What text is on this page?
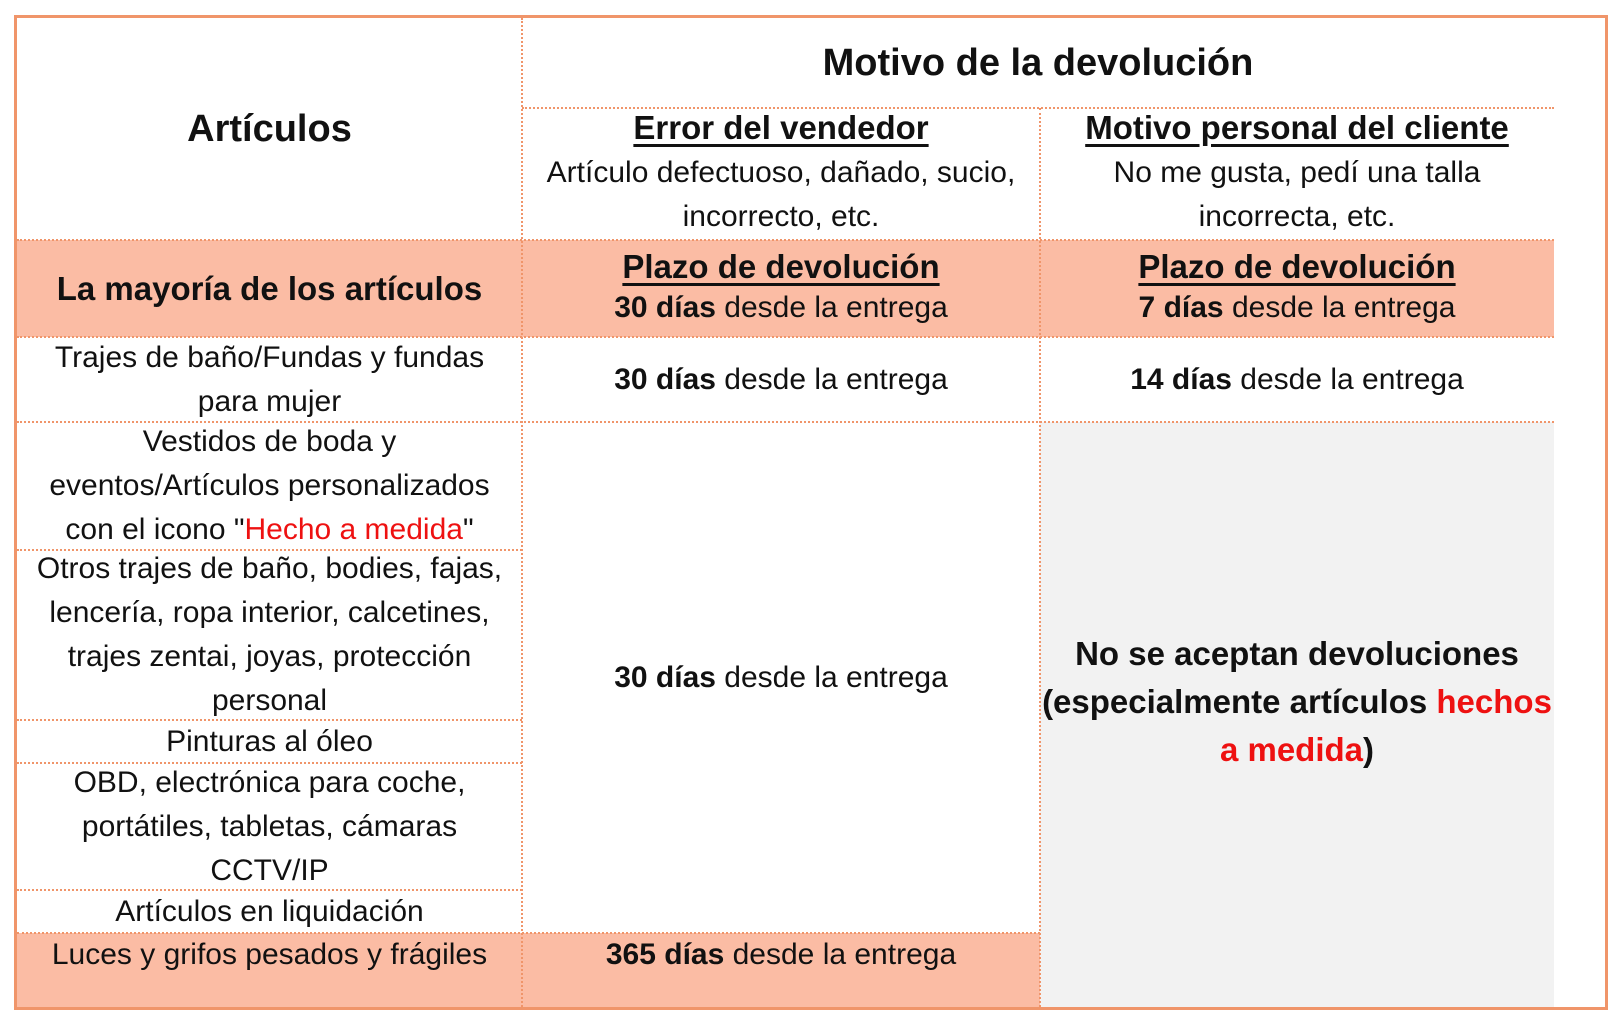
Artículos
Motivo de la devolución
Error del vendedor
Artículo defectuoso, dañado, sucio, incorrecto, etc.
Motivo personal del cliente
No me gusta, pedí una talla incorrecta, etc.
La mayoría de los artículos
Plazo de devolución
30 días desde la entrega
Plazo de devolución
7 días desde la entrega
Trajes de baño/Fundas y fundas para mujer
30 días desde la entrega	14 días desde la entrega
Vestidos de boda y eventos/Artículos personalizados con el icono "Hecho a medida"
Otros trajes de baño, bodies, fajas, lencería, ropa interior, calcetines, trajes zentai, joyas, protección personal
Pinturas al óleo
OBD, electrónica para coche, portátiles, tabletas, cámaras CCTV/IP
Artículos en liquidación
Luces y grifos pesados y frágiles
30 días desde la entrega
365 días desde la entrega
No se aceptan devoluciones
(especialmente artículos hechos a medida)
